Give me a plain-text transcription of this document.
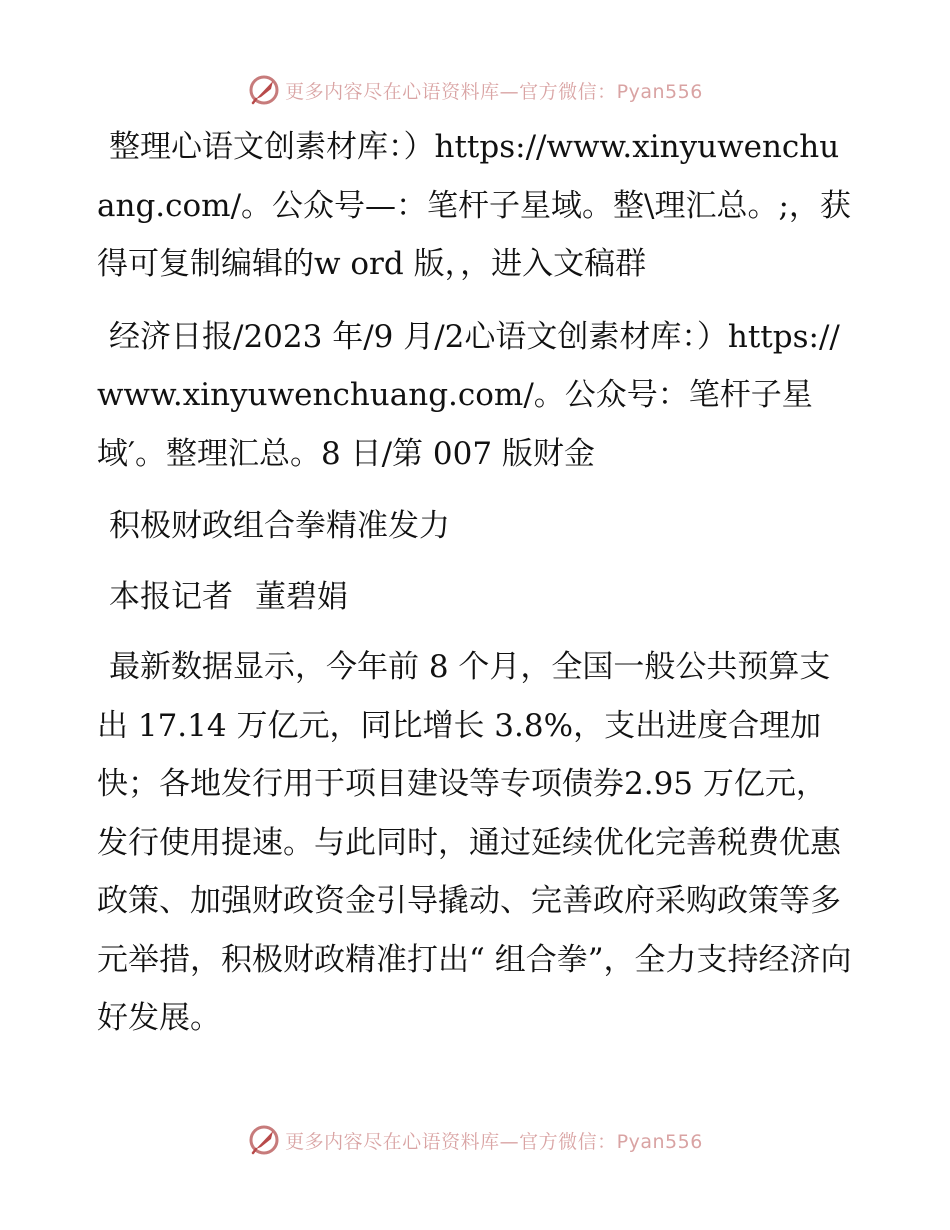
更多内容尽在心语资料库—官方微信：Pyan556

整理心语文创素材库：）https://www.xinyuwenchuang.com/。公众号—：笔杆子星域。整\理汇总。;，获得可复制编辑的w ord 版，，进入文稿群

经济日报/2023 年/9 月/2心语文创素材库：）https://www.xinyuwenchuang.com/。公众号：笔杆子星域′。整理汇总。8 日/第 007 版财金

积极财政组合拳精准发力

本报记者 董碧娟

最新数据显示，今年前 8 个月，全国一般公共预算支出 17.14 万亿元，同比增长 3.8%，支出进度合理加快；各地发行用于项目建设等专项债券2.95 万亿元，发行使用提速。与此同时，通过延续优化完善税费优惠政策、加强财政资金引导撬动、完善政府采购政策等多元举措，积极财政精准打出“ 组合拳”，全力支持经济向好发展。

更多内容尽在心语资料库—官方微信：Pyan556
